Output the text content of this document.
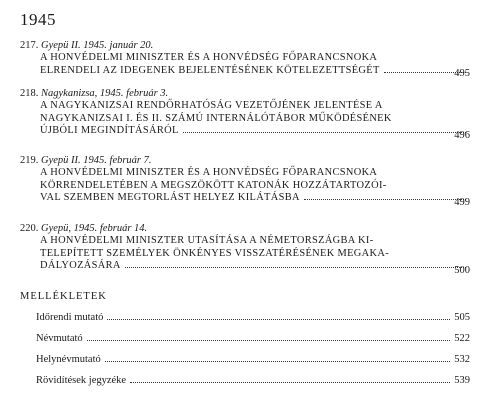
1945
217. Gyepü II. 1945. január 20.
A HONVÉDELMI MINISZTER ÉS A HONVÉDSÉG FŐPARANCSNOKA
ELRENDELI AZ IDEGENEK BEJELENTÉSÉNEK KÖTELEZETTSÉGÉT	495
218. Nagykanizsa, 1945. február 3.
A NAGYKANIZSAI RENDŐRHATÓSÁG VEZETŐJÉNEK JELENTÉSE A
NAGYKANIZSAI I. ÉS II. SZÁMÚ INTERNÁLÓTÁBOR MŰKÖDÉSÉNEK
ÚJBÓLI MEGINDÍTÁSÁRÓL	496
219. Gyepü II. 1945. február 7.
A HONVÉDELMI MINISZTER ÉS A HONVÉDSÉG FŐPARANCSNOKA
KÖRRENDELETÉBEN A MEGSZÖKÖTT KATONÁK HOZZÁTARTOZÓI-
VAL SZEMBEN MEGTORLÁST HELYEZ KILÁTÁSBA	499
220. Gyepü, 1945. február 14.
A HONVÉDELMI MINISZTER UTASÍTÁSA A NÉMETORSZÁGBA KI-
TELEPÍTETT SZEMÉLYEK ÖNKÉNYES VISSZATÉRÉSÉNEK MEGAKA-
DÁLYOZÁSÁRA	500
MELLÉKLETEK
Időrendi mutató	505
Névmutató	522
Helynévmutató	532
Rövidítések jegyzéke	539
